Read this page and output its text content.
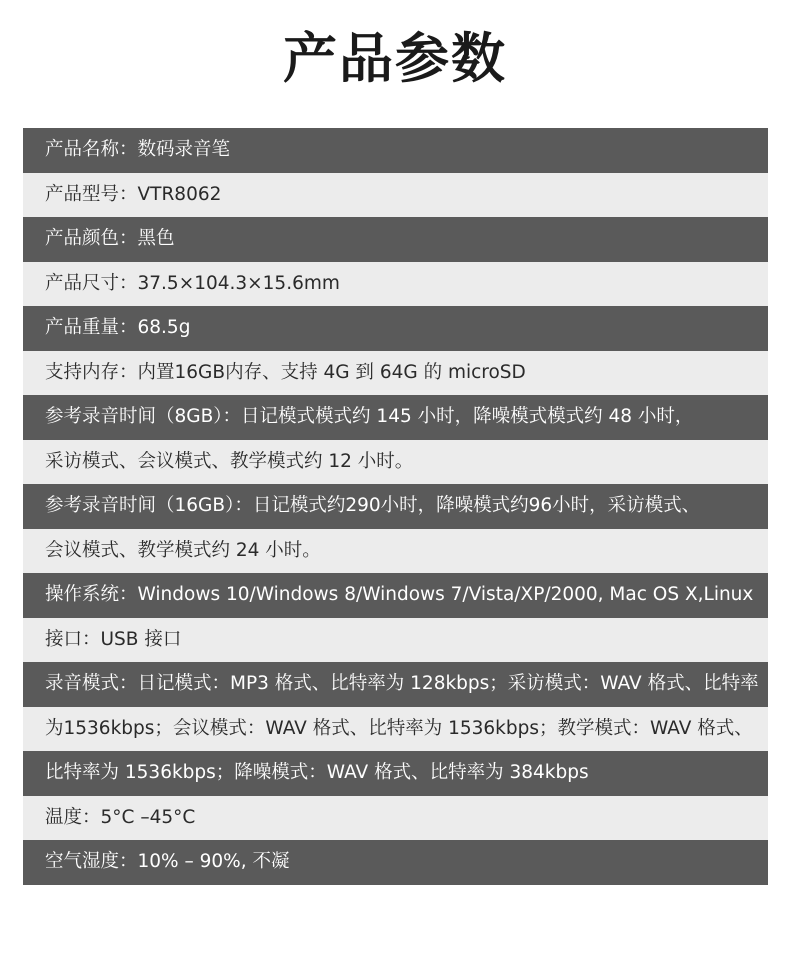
产品参数
产品名称：数码录音笔
产品型号：VTR8062
产品颜色：黑色
产品尺寸：37.5×104.3×15.6mm
产品重量：68.5g
支持内存：内置16GB内存、支持 4G 到 64G 的 microSD
参考录音时间（8GB）：日记模式模式约 145 小时，降噪模式模式约 48 小时，
采访模式、会议模式、教学模式约 12 小时。
参考录音时间（16GB）：日记模式约290小时，降噪模式约96小时，采访模式、
会议模式、教学模式约 24 小时。
操作系统：Windows 10/Windows 8/Windows 7/Vista/XP/2000, Mac OS X,Linux
接口：USB 接口
录音模式：日记模式：MP3 格式、比特率为 128kbps；采访模式：WAV 格式、比特率
为1536kbps；会议模式：WAV 格式、比特率为 1536kbps；教学模式：WAV 格式、
比特率为 1536kbps；降噪模式：WAV 格式、比特率为 384kbps
温度：5°C –45°C
空气湿度：10% – 90%, 不凝
